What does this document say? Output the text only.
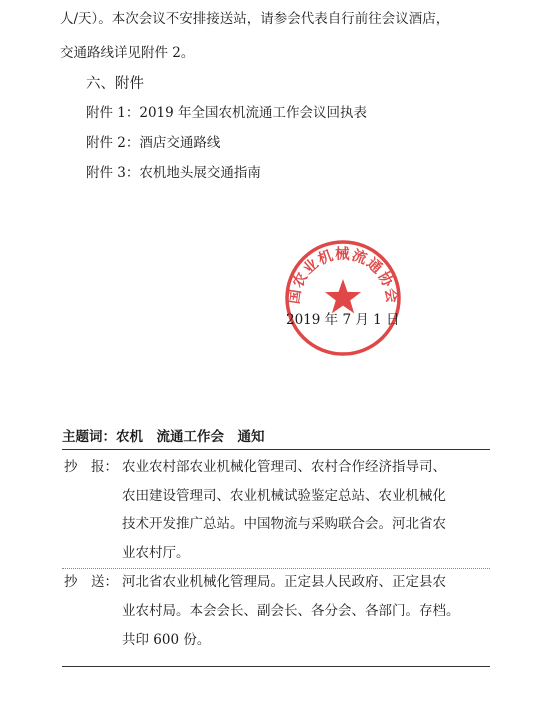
人/天）。本次会议不安排接送站，请参会代表自行前往会议酒店，
交通路线详见附件 2。
六、附件
附件 1：2019 年全国农机流通工作会议回执表
附件 2：酒店交通路线
附件 3：农机地头展交通指南
国农业机械流通协会
2019 年 7 月 1 日
主题词：农机　流通工作会　通知
抄　报： 农业农村部农业机械化管理司、农村合作经济指导司、
农田建设管理司、农业机械试验鉴定总站、农业机械化
技术开发推广总站。中国物流与采购联合会。河北省农
业农村厅。
抄　送： 河北省农业机械化管理局。正定县人民政府、正定县农
业农村局。本会会长、副会长、各分会、各部门。存档。
共印 600 份。
